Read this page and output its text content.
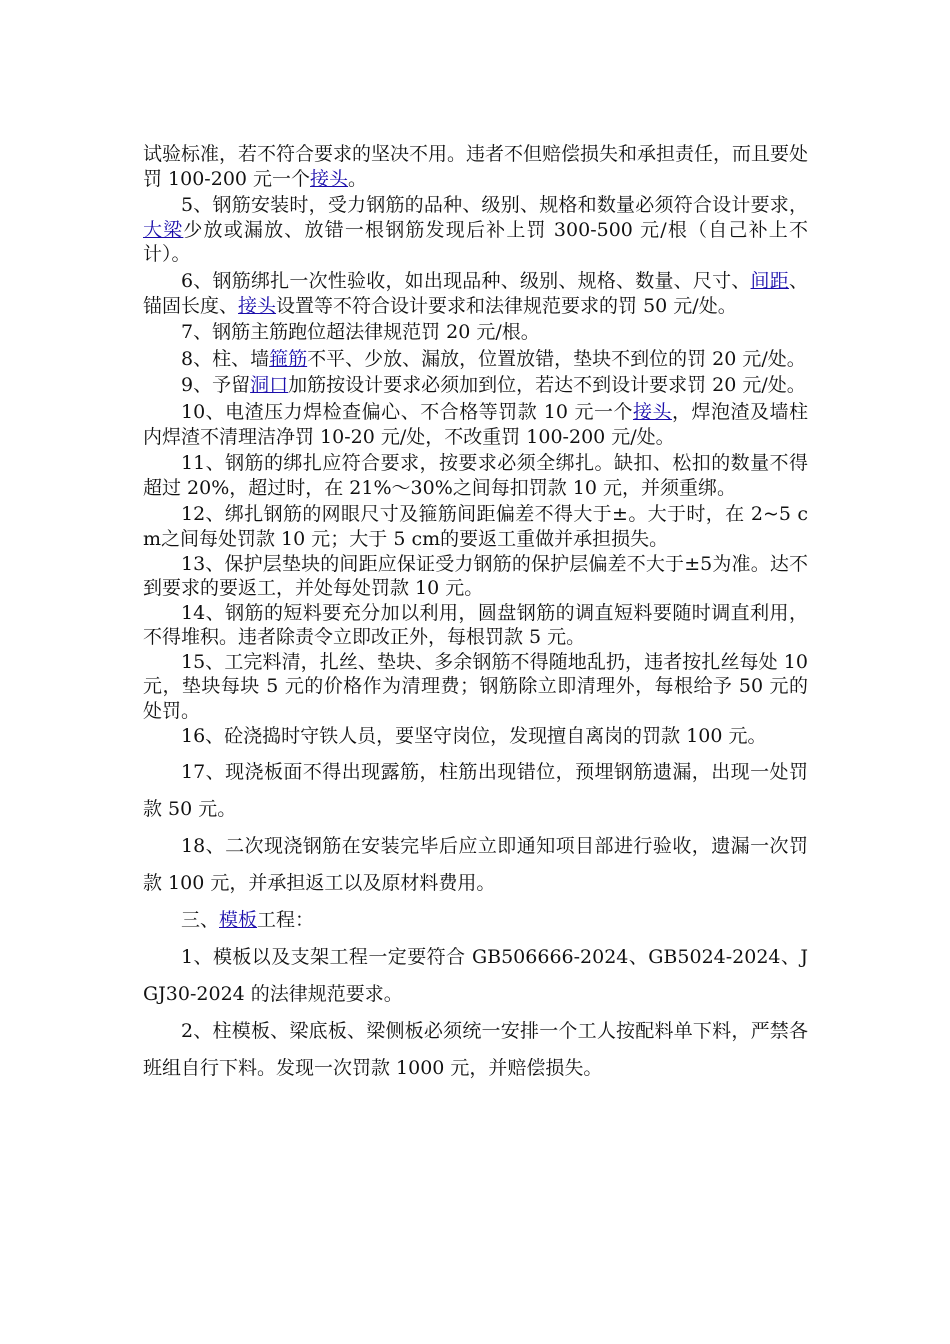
试验标准，若不符合要求的坚决不用。违者不但赔偿损失和承担责任，而且要处罚 100-200 元一个接头。

5、钢筋安装时，受力钢筋的品种、级别、规格和数量必须符合设计要求，大梁少放或漏放、放错一根钢筋发现后补上罚 300-500 元/根（自己补上不计）。

6、钢筋绑扎一次性验收，如出现品种、级别、规格、数量、尺寸、间距、锚固长度、接头设置等不符合设计要求和法律规范要求的罚 50 元/处。

7、钢筋主筋跑位超法律规范罚 20 元/根。

8、柱、墙箍筋不平、少放、漏放，位置放错，垫块不到位的罚 20 元/处。

9、予留洞口加筋按设计要求必须加到位，若达不到设计要求罚 20 元/处。

10、电渣压力焊检查偏心、不合格等罚款 10 元一个接头，焊泡渣及墙柱内焊渣不清理洁净罚 10-20 元/处，不改重罚 100-200 元/处。

11、钢筋的绑扎应符合要求，按要求必须全绑扎。缺扣、松扣的数量不得超过 20%，超过时，在 21%～30%之间每扣罚款 10 元，并须重绑。

12、绑扎钢筋的网眼尺寸及箍筋间距偏差不得大于±。大于时，在 2~5 cm之间每处罚款 10 元；大于 5 cm的要返工重做并承担损失。

13、保护层垫块的间距应保证受力钢筋的保护层偏差不大于±5为准。达不到要求的要返工，并处每处罚款 10 元。

14、钢筋的短料要充分加以利用，圆盘钢筋的调直短料要随时调直利用，不得堆积。违者除责令立即改正外，每根罚款 5 元。

15、工完料清，扎丝、垫块、多余钢筋不得随地乱扔，违者按扎丝每处 10 元，垫块每块 5 元的价格作为清理费；钢筋除立即清理外，每根给予 50 元的处罚。

16、砼浇捣时守铁人员，要坚守岗位，发现擅自离岗的罚款 100 元。

17、现浇板面不得出现露筋，柱筋出现错位，预埋钢筋遗漏，出现一处罚款 50 元。

18、二次现浇钢筋在安装完毕后应立即通知项目部进行验收，遗漏一次罚款 100 元，并承担返工以及原材料费用。

三、模板工程：

1、模板以及支架工程一定要符合 GB506666-2024、GB5024-2024、JGJ30-2024 的法律规范要求。

2、柱模板、梁底板、梁侧板必须统一安排一个工人按配料单下料，严禁各班组自行下料。发现一次罚款 1000 元，并赔偿损失。
